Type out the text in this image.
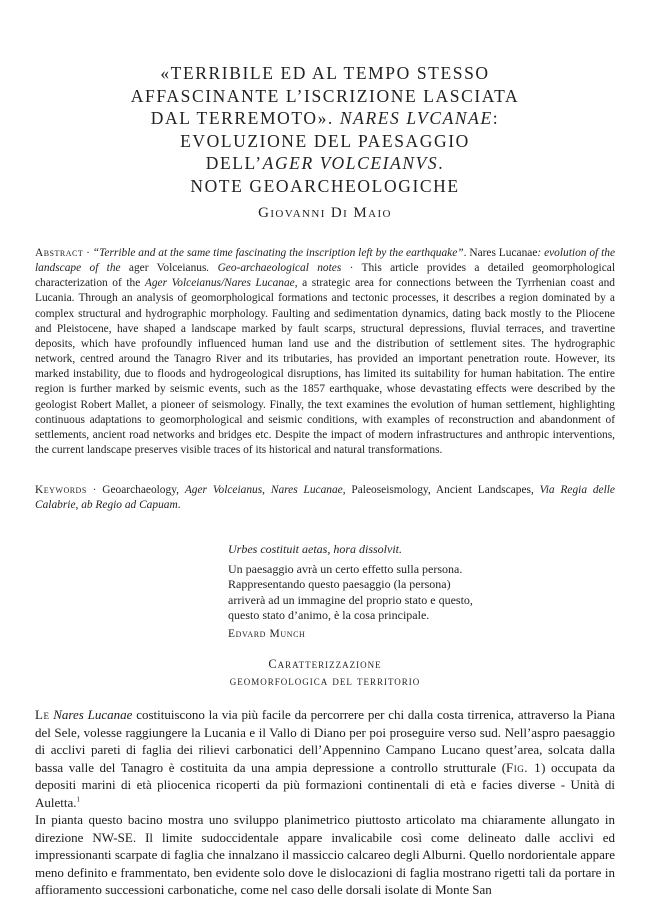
«TERRIBILE ED AL TEMPO STESSO
AFFASCINANTE L’ISCRIZIONE LASCIATA
DAL TERREMOTO». NARES LVCANAE:
EVOLUZIONE DEL PAESAGGIO
DELL’AGER VOLCEIANVS.
NOTE GEOARCHEOLOGICHE
Giovanni Di Maio
Abstract · “Terrible and at the same time fascinating the inscription left by the earthquake”. Nares Lucanae: evolution of the landscape of the ager Volceianus. Geo-archaeological notes · This article provides a detailed geomorphological characterization of the Ager Volceianus/Nares Lucanae, a strategic area for connections between the Tyrrhenian coast and Lucania. Through an analysis of geomorphological formations and tectonic processes, it describes a region dominated by a complex structural and hydrographic morphology. Faulting and sedimentation dynamics, dating back mostly to the Pliocene and Pleistocene, have shaped a landscape marked by fault scarps, structural depressions, fluvial terraces, and travertine deposits, which have profoundly influenced human land use and the distribution of settlement sites. The hydrographic network, centred around the Tanagro River and its tributaries, has provided an important penetration route. However, its marked instability, due to floods and hydrogeological disruptions, has limited its suitability for human habitation. The entire region is further marked by seismic events, such as the 1857 earthquake, whose devastating effects were described by the geologist Robert Mallet, a pioneer of seismology. Finally, the text examines the evolution of human settlement, highlighting continuous adaptations to geomorphological and seismic conditions, with examples of reconstruction and abandonment of settlements, ancient road networks and bridges etc. Despite the impact of modern infrastructures and anthropic interventions, the current landscape preserves visible traces of its historical and natural transformations.
Keywords · Geoarchaeology, Ager Volceianus, Nares Lucanae, Paleoseismology, Ancient Landscapes, Via Regia delle Calabrie, ab Regio ad Capuam.
Urbes costituit aetas, hora dissolvit.
Un paesaggio avrà un certo effetto sulla persona.
Rappresentando questo paesaggio (la persona)
arriverà ad un immagine del proprio stato e questo,
questo stato d’animo, è la cosa principale.
Edvard Munch
Caratterizzazione
geomorfologica del territorio

Le Nares Lucanae costituiscono la via più facile da percorrere per chi dalla costa tirrenica, attraverso la Piana del Sele, volesse raggiungere la Lucania e il Vallo di Diano per poi proseguire verso sud. Nell’aspro paesaggio di acclivi pareti di faglia dei rilievi carbonatici dell’Appennino Campano Lucano quest’area, solcata dalla bassa valle del Tanagro è costituita da una ampia depressione a controllo strutturale (Fig. 1) occupata da depositi marini di età pliocenica ricoperti da più formazioni continentali di età e facies diverse - Unità di Auletta.$^1$

In pianta questo bacino mostra uno sviluppo planimetrico piuttosto articolato ma chiaramente allungato in direzione NW-SE. Il limite sudoccidentale appare invalicabile così come delineato dalle acclivi ed impressionanti scarpate di faglia che innalzano il massiccio calcareo degli Alburni. Quello nordorientale appare meno definito e frammentato, ben evidente solo dove le dislocazioni di faglia mostrano rigetti tali da portare in affioramento successioni carbonatiche, come nel caso delle dorsali isolate di Monte San
